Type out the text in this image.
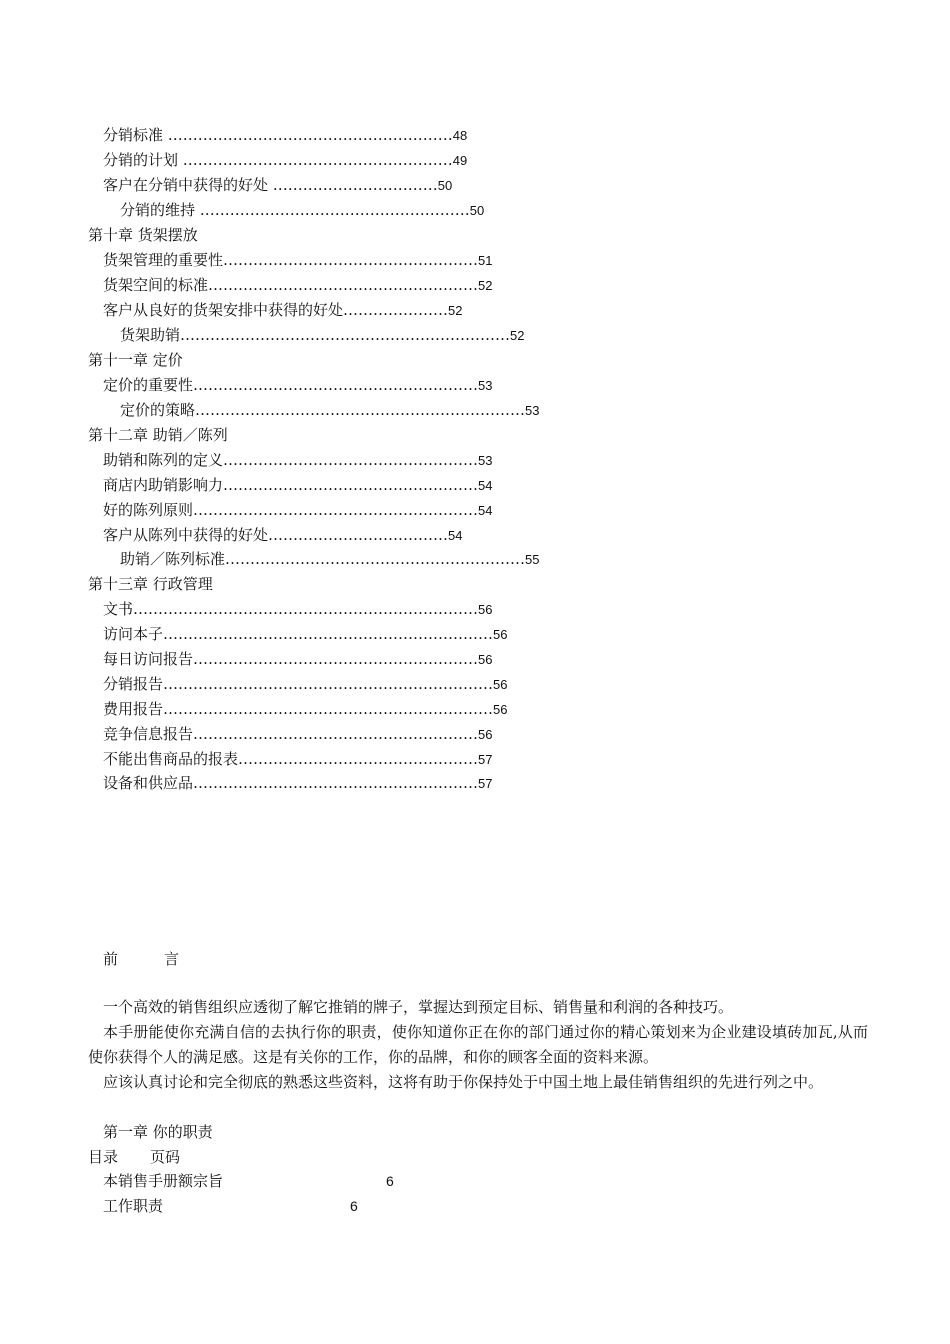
分销标准 …………………………………………………48
分销的计划 ………………………………………………49
客户在分销中获得的好处 ……………………………50
分销的维持 ………………………………………………50
第十章 货架摆放
货架管理的重要性……………………………………………51
货架空间的标准………………………………………………52
客户从良好的货架安排中获得的好处…………………52
货架助销…………………………………………………………52
第十一章 定价
定价的重要性…………………………………………………53
定价的策略…………………………………………………………53
第十二章 助销／陈列
助销和陈列的定义……………………………………………53
商店内助销影响力……………………………………………54
好的陈列原则…………………………………………………54
客户从陈列中获得的好处………………………………54
助销／陈列标准……………………………………………………55
第十三章 行政管理
文书……………………………………………………………56
访问本子…………………………………………………………56
每日访问报告…………………………………………………56
分销报告…………………………………………………………56
费用报告…………………………………………………………56
竞争信息报告…………………………………………………56
不能出售商品的报表…………………………………………57
设备和供应品…………………………………………………57
前	言
一个高效的销售组织应透彻了解它推销的牌子，掌握达到预定目标、销售量和利润的各种技巧。
本手册能使你充满自信的去执行你的职责，使你知道你正在你的部门通过你的精心策划来为企业建设填砖加瓦,从而使你获得个人的满足感。这是有关你的工作，你的品牌，和你的顾客全面的资料来源。
应该认真讨论和完全彻底的熟悉这些资料，这将有助于你保持处于中国土地上最佳销售组织的先进行列之中。
第一章 你的职责
目录 页码
本销售手册额宗旨	6
工作职责	6
